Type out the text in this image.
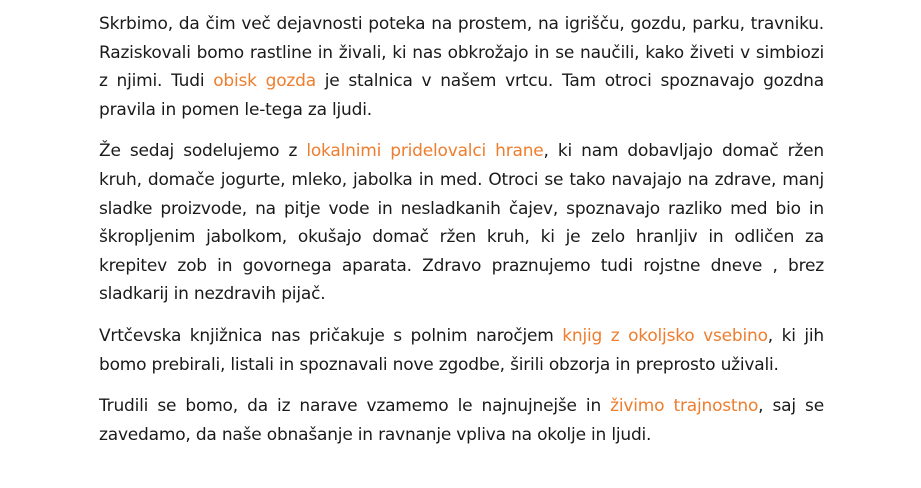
Skrbimo, da čim več dejavnosti poteka na prostem, na igrišču, gozdu, parku, travniku. Raziskovali bomo rastline in živali, ki nas obkrožajo in se naučili, kako živeti v simbiozi z njimi. Tudi obisk gozda je stalnica v našem vrtcu. Tam otroci spoznavajo gozdna pravila in pomen le-tega za ljudi.

Že sedaj sodelujemo z lokalnimi pridelovalci hrane, ki nam dobavljajo domač ržen kruh, domače jogurte, mleko, jabolka in med. Otroci se tako navajajo na zdrave, manj sladke proizvode, na pitje vode in nesladkanih čajev, spoznavajo razliko med bio in škropljenim jabolkom, okušajo domač ržen kruh, ki je zelo hranljiv in odličen za krepitev zob in govornega aparata. Zdravo praznujemo tudi rojstne dneve , brez sladkarij in nezdravih pijač.

Vrtčevska knjižnica nas pričakuje s polnim naročjem knjig z okoljsko vsebino, ki jih bomo prebirali, listali in spoznavali nove zgodbe, širili obzorja in preprosto uživali.

Trudili se bomo, da iz narave vzamemo le najnujnejše in živimo trajnostno, saj se zavedamo, da naše obnašanje in ravnanje vpliva na okolje in ljudi.
